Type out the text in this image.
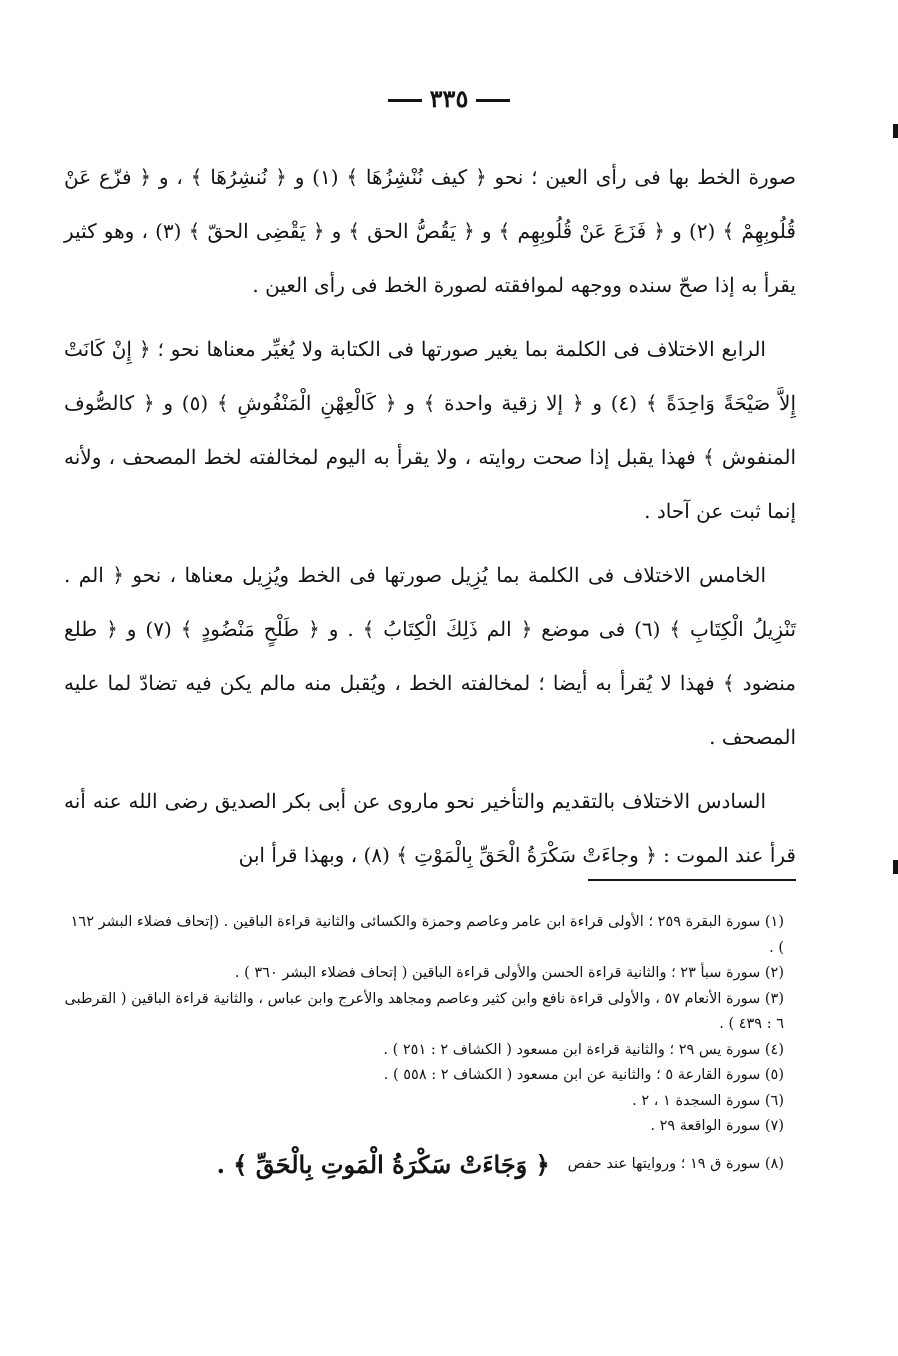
٣٣٥

صورة الخط بها فى رأى العين ؛ نحو ﴿ كيف نُنْشِزُهَا ﴾ (١) و ﴿ نُنشِرُهَا ﴾ ، و ﴿ فزّع عَنْ قُلُوبِهِمْ ﴾ (٢) و ﴿ فَزَعَ عَنْ قُلُوبِهِم ﴾ و ﴿ يَقُصُّ الحق ﴾ و ﴿ يَقْضِى الحقّ ﴾ (٣) ، وهو كثير يقرأ به إذا صحّ سنده ووجهه لموافقته لصورة الخط فى رأى العين .

الرابع الاختلاف فى الكلمة بما يغير صورتها فى الكتابة ولا يُغيِّر معناها نحو ؛ ﴿ إِنْ كَانَتْ إِلاَّ صَيْحَةً وَاحِدَةً ﴾ (٤) و ﴿ إلا زقية واحدة ﴾ و ﴿ كَالْعِهْنِ الْمَنْفُوشِ ﴾ (٥) و ﴿ كالصُّوف المنفوش ﴾ فهذا يقبل إذا صحت روايته ، ولا يقرأ به اليوم لمخالفته لخط المصحف ، ولأنه إنما ثبت عن آحاد .

الخامس الاختلاف فى الكلمة بما يُزِيل صورتها فى الخط ويُزِيل معناها ، نحو ﴿ الم . تَنْزِيلُ الْكِتَابِ ﴾ (٦) فى موضع ﴿ الم ذَلِكَ الْكِتَابُ ﴾ . و ﴿ طَلْحٍ مَنْضُودٍ ﴾ (٧) و ﴿ طلع منضود ﴾ فهذا لا يُقرأ به أيضا ؛ لمخالفته الخط ، ويُقبل منه مالم يكن فيه تضادّ لما عليه المصحف .

السادس الاختلاف بالتقديم والتأخير نحو ماروى عن أبى بكر الصديق رضى الله عنه أنه قرأ عند الموت : ﴿ وجاءَتْ سَكْرَةُ الْحَقِّ بِالْمَوْتِ ﴾ (٨) ، وبهذا قرأ ابن

(١) سورة البقرة ٢٥٩ ؛ الأولى قراءة ابن عامر وعاصم وحمزة والكسائى والثانية قراءة الباقين . (إتحاف فضلاء البشر ١٦٢ ) .

(٢) سورة سبأ ٢٣ ؛ والثانية قراءة الحسن والأولى قراءة الباقين ( إتحاف فضلاء البشر ٣٦٠ ) .

(٣) سورة الأنعام ٥٧ ، والأولى قراءة نافع وابن كثير وعاصم ومجاهد والأعرج وابن عباس ، والثانية قراءة الباقين ( القرطبى ٦ : ٤٣٩ ) .

(٤) سورة يس ٢٩ ؛ والثانية قراءة ابن مسعود ( الكشاف ٢ : ٢٥١ ) .

(٥) سورة القارعة ٥ ؛ والثانية عن ابن مسعود ( الكشاف ٢ : ٥٥٨ ) .

(٦) سورة السجدة ١ ، ٢ .

(٧) سورة الواقعة ٢٩ .

(٨) سورة ق ١٩ ؛ وروايتها عند حفص
﴿ وَجَاءَتْ سَكْرَةُ الْمَوتِ بِالْحَقِّ ﴾ .
